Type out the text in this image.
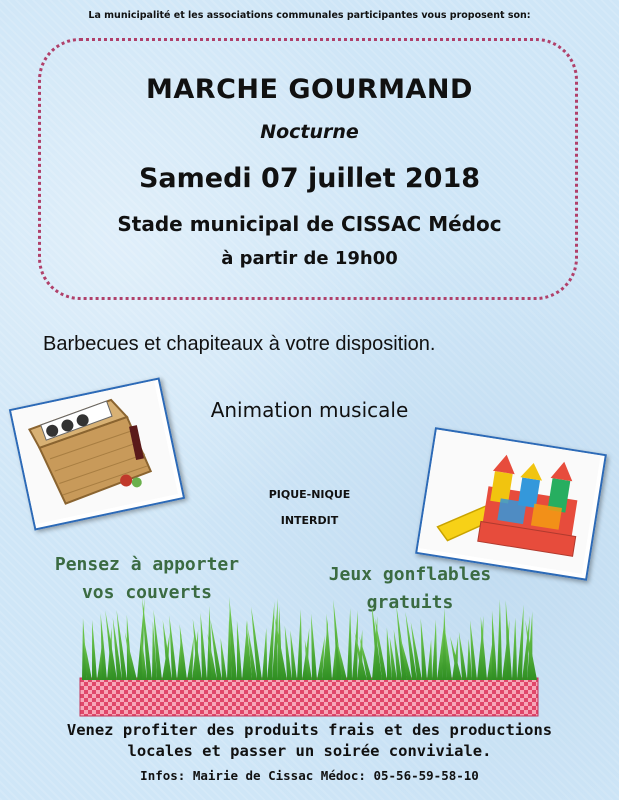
La municipalité et les associations communales participantes vous proposent son:
MARCHE GOURMAND
Nocturne
Samedi 07 juillet 2018
Stade municipal de CISSAC Médoc
à partir de 19h00
Barbecues et chapiteaux à votre disposition.
Animation musicale
PIQUE-NIQUE
INTERDIT
Pensez à apporter
vos couverts
Jeux gonflables
gratuits
Venez profiter des produits frais et des productions
locales et passer un soirée conviviale.
Infos: Mairie de Cissac Médoc: 05-56-59-58-10
